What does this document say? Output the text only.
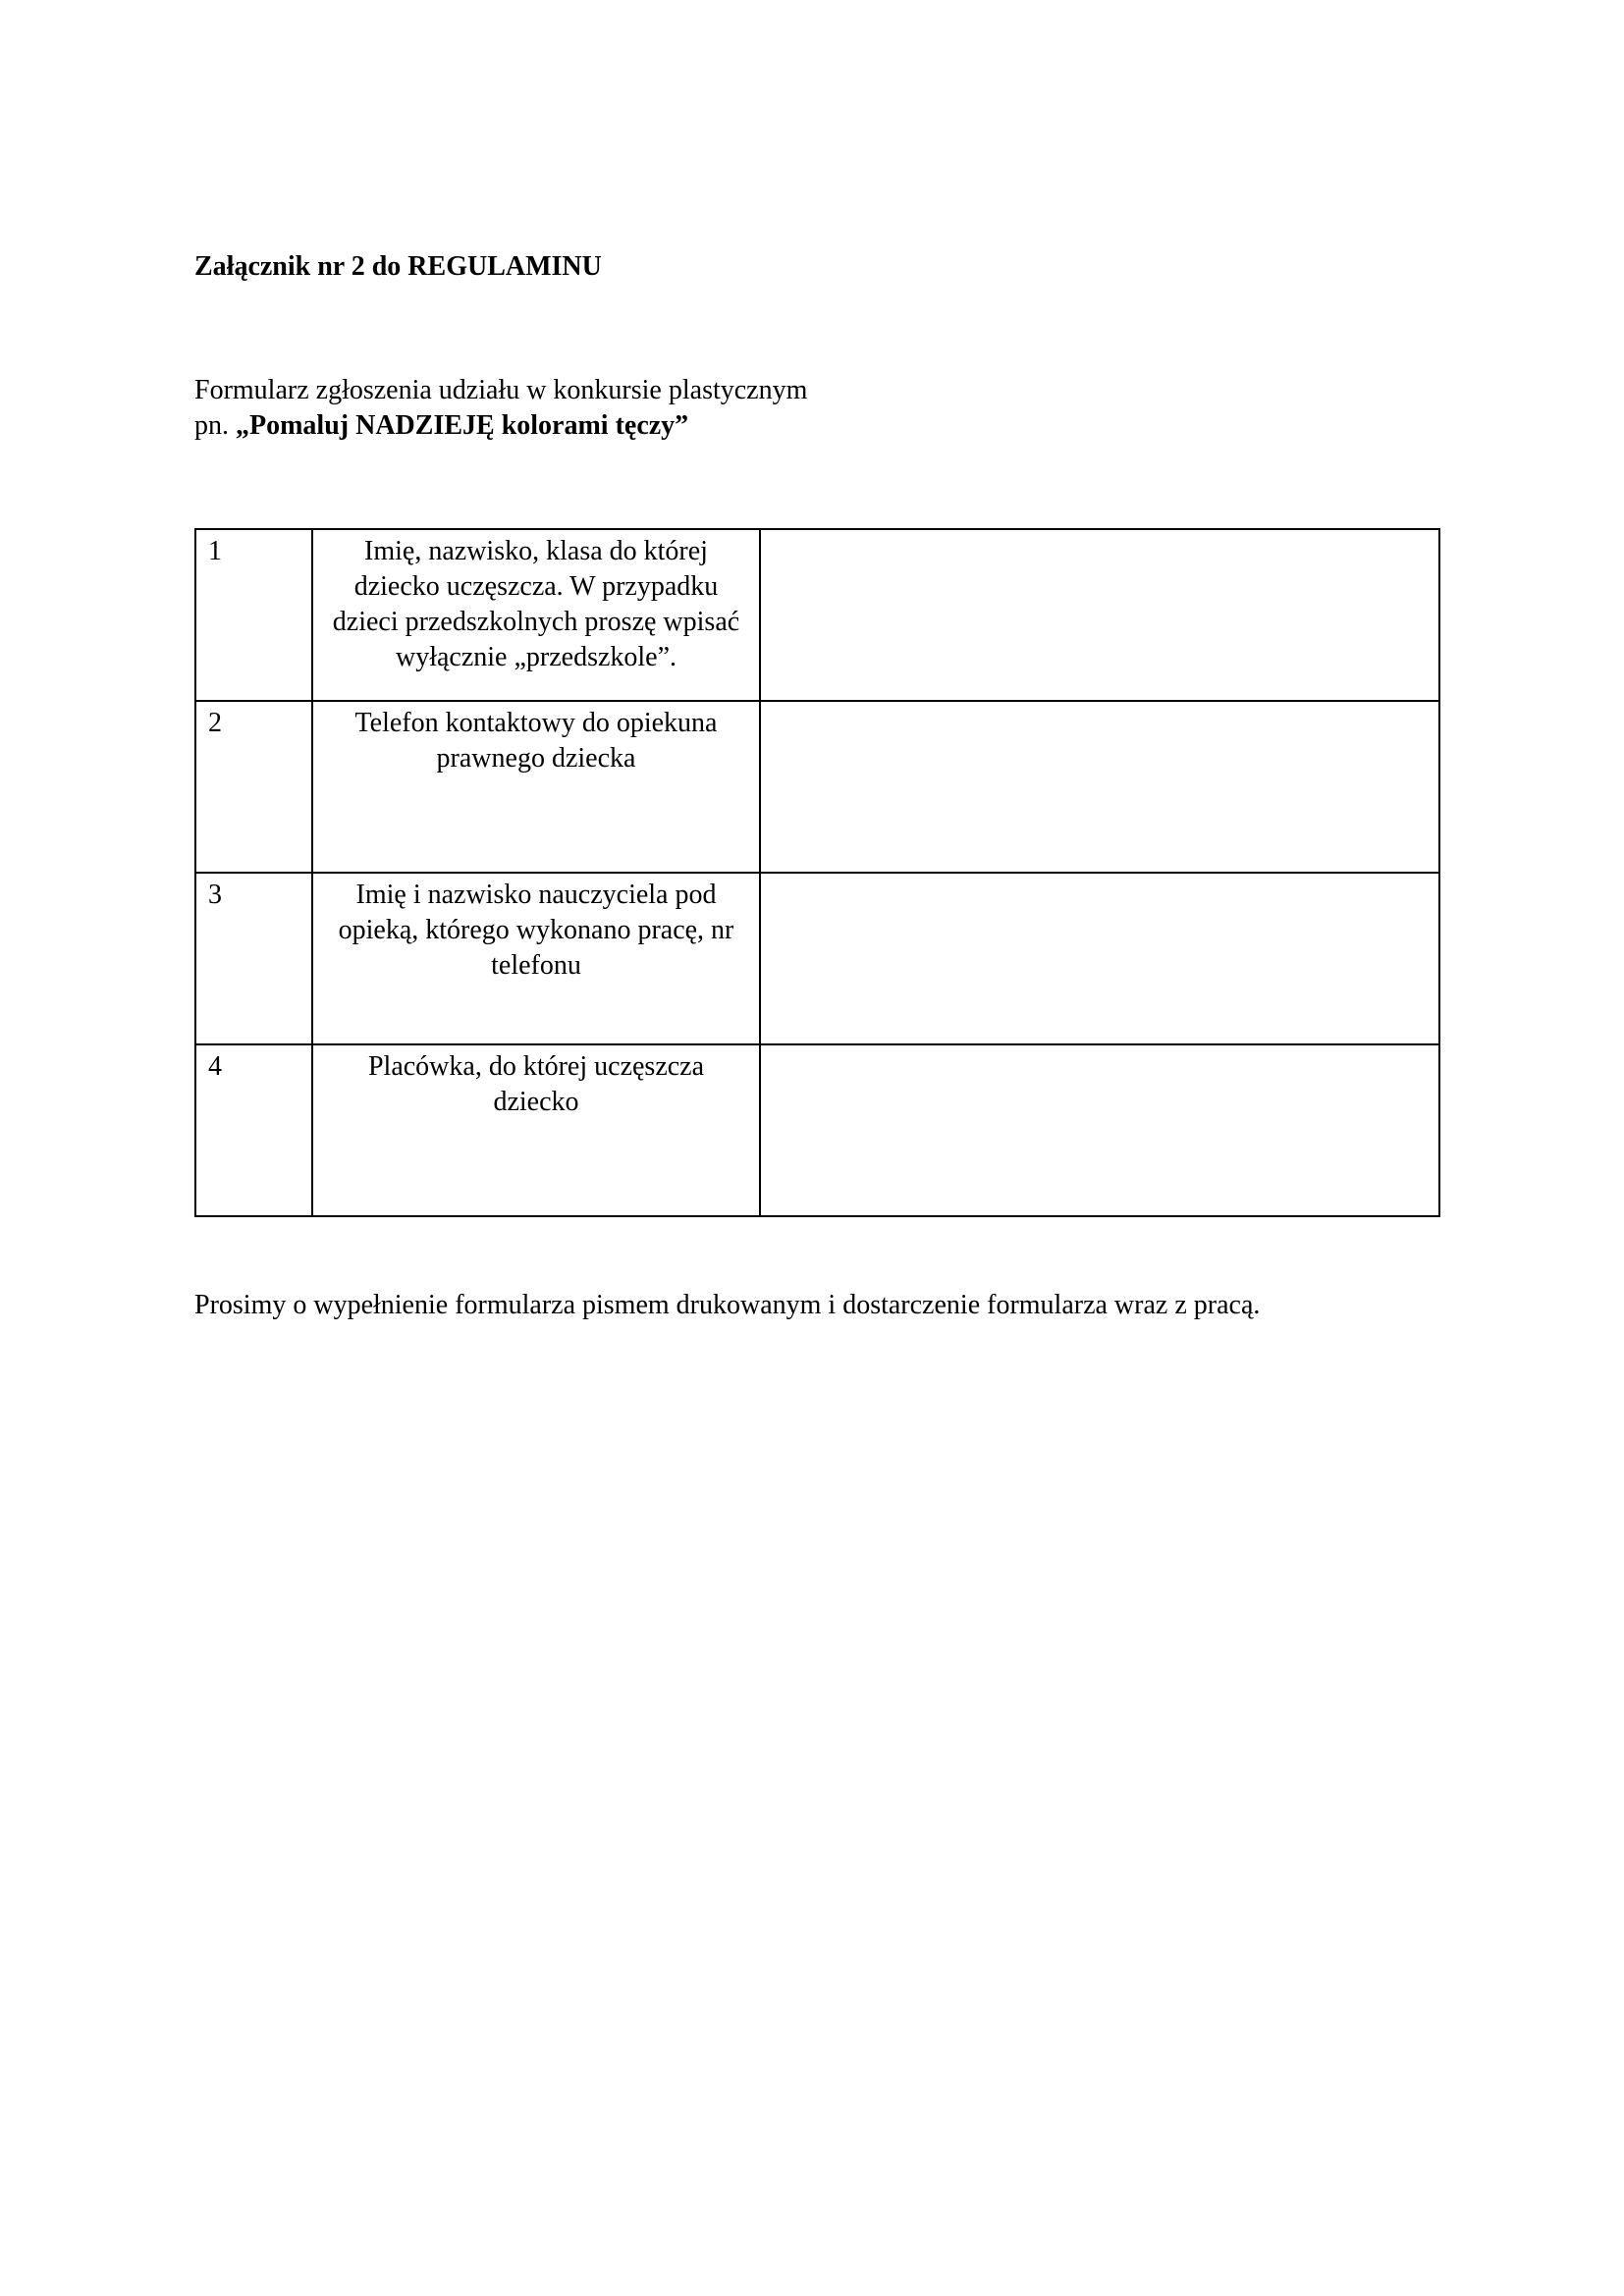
Załącznik nr 2 do REGULAMINU
Formularz zgłoszenia udziału w konkursie plastycznym
pn. „Pomaluj NADZIEJĘ kolorami tęczy”
1	Imię, nazwisko, klasa do której dziecko uczęszcza. W przypadku dzieci przedszkolnych proszę wpisać wyłącznie „przedszkole”.	
2	Telefon kontaktowy do opiekuna prawnego dziecka	
3	Imię i nazwisko nauczyciela pod opieką, którego wykonano pracę, nr telefonu	
4	Placówka, do której uczęszcza dziecko	
Prosimy o wypełnienie formularza pismem drukowanym i dostarczenie formularza wraz z pracą.
